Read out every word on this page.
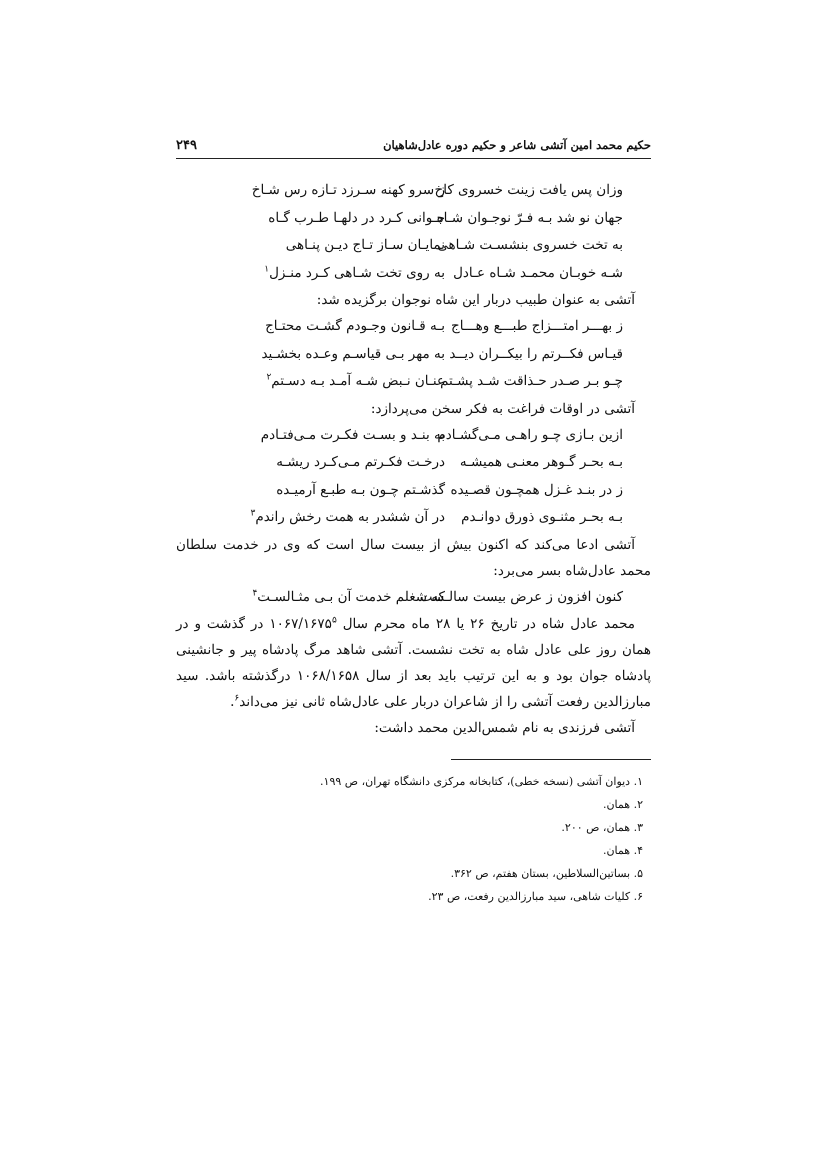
حکیم محمد امین آتشی شاعر و حکیم دوره عادل‌شاهیان
۲۴۹
وزان پس یافت زینت خسروی کاخ
ز سرو کهنه سـرزد تـازه رس شـاخ
جهان نو شد بـه فـرّ نوجـوان شـاه
جـوانی کـرد در دلهـا طـرب گـاه
به تخت خسروی بنشسـت شـاهی
نمایـان سـاز تـاج دیـن پنـاهی
شـه خوبـان محمـد شـاه عـادل
به روی تخت شـاهی کـرد منـزل$^۱$

آتشی به عنوان طبیب دربار این شاه نوجوان برگزیده شد:

ز بهـــر امتـــزاج طبـــع وهـــاج
بـه قـانون وجـودم گشـت محتـاج
قیـاس فکــرتم را بیکــران دیــد
به مهر بـی قیاسـم وعـده بخشـید
چـو بـر صـدر حـذاقت شـد پشـتم
عنـان نـبض شـه آمـد بـه دسـتم$^۲$

آتشی در اوقات فراغت به فکر سخن می‌پردازد:

ازین بـازی چـو راهـی مـی‌گشـادم
به بنـد و بسـت فکـرت مـی‌فتـادم
بـه بحـر گـوهر معنـی همیشـه
درخـت فکـرتم مـی‌کـرد ریشـه
ز در بنـد غـزل همچـون قصـیده
گذشـتم چـون بـه طبـع آرمیـده
بـه بحـر مثنـوی ذورق دوانـدم
در آن ششدر به همت رخش راندم$^۳$

آتشی ادعا می‌کند که اکنون بیش از بیست سال است که وی در خدمت سلطان محمد عادل‌شاه بسر می‌برد:

کنون افزون ز عرض بیست سالـست
که شغلم خدمت آن بـی مثـالسـت$^۴$

محمد عادل شاه در تاریخ ۲۶ یا ۲۸ ماه محرم سال ۱۰۶۷/۱۶۷۵$^۵$ در گذشت و در همان روز علی عادل شاه به تخت نشست. آتشی شاهد مرگ پادشاه پیر و جانشینی پادشاه جوان بود و به این ترتیب باید بعد از سال ۱۰۶۸/۱۶۵۸ درگذشته باشد. سید مبارزالدین رفعت آتشی را از شاعران دربار علی عادل‌شاه ثانی نیز می‌داند$^۶$.

آتشی فرزندی به نام شمس‌الدین محمد داشت:

۱. دیوان آتشی (نسخه خطی)، کتابخانه مرکزی دانشگاه تهران، ص ۱۹۹.
۲. همان.
۳. همان، ص ۲۰۰.
۴. همان.
۵. بساتین‌السلاطین، بستان هفتم، ص ۳۶۲.
۶. کلیات شاهی، سید مبارزالدین رفعت، ص ۲۳.
